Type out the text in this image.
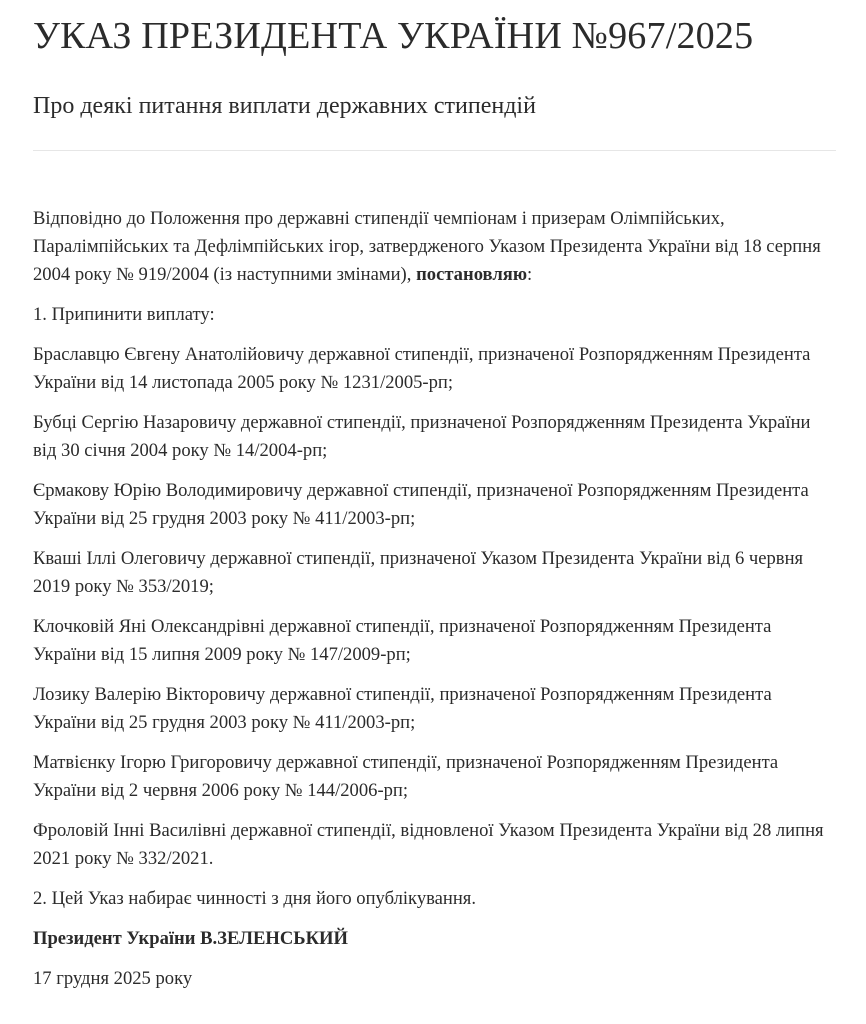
УКАЗ ПРЕЗИДЕНТА УКРАЇНИ №967/2025
Про деякі питання виплати державних стипендій

Відповідно до Положення про державні стипендії чемпіонам і призерам Олімпійських, Паралімпійських та Дефлімпійських ігор, затвердженого Указом Президента України від 18 серпня 2004 року № 919/2004 (із наступними змінами), постановляю:

1. Припинити виплату:

Браславцю Євгену Анатолійовичу державної стипендії, призначеної Розпорядженням Президента України від 14 листопада 2005 року № 1231/2005-рп;

Бубці Сергію Назаровичу державної стипендії, призначеної Розпорядженням Президента України від 30 січня 2004 року № 14/2004-рп;

Єрмакову Юрію Володимировичу державної стипендії, призначеної Розпорядженням Президента України від 25 грудня 2003 року № 411/2003-рп;

Кваші Іллі Олеговичу державної стипендії, призначеної Указом Президента України від 6 червня 2019 року № 353/2019;

Клочковій Яні Олександрівні державної стипендії, призначеної Розпорядженням Президента України від 15 липня 2009 року № 147/2009-рп;

Лозику Валерію Вікторовичу державної стипендії, призначеної Розпорядженням Президента України від 25 грудня 2003 року № 411/2003-рп;

Матвієнку Ігорю Григоровичу державної стипендії, призначеної Розпорядженням Президента України від 2 червня 2006 року № 144/2006-рп;

Фроловій Інні Василівні державної стипендії, відновленої Указом Президента України від 28 липня 2021 року № 332/2021.

2. Цей Указ набирає чинності з дня його опублікування.

Президент України В.ЗЕЛЕНСЬКИЙ

17 грудня 2025 року
